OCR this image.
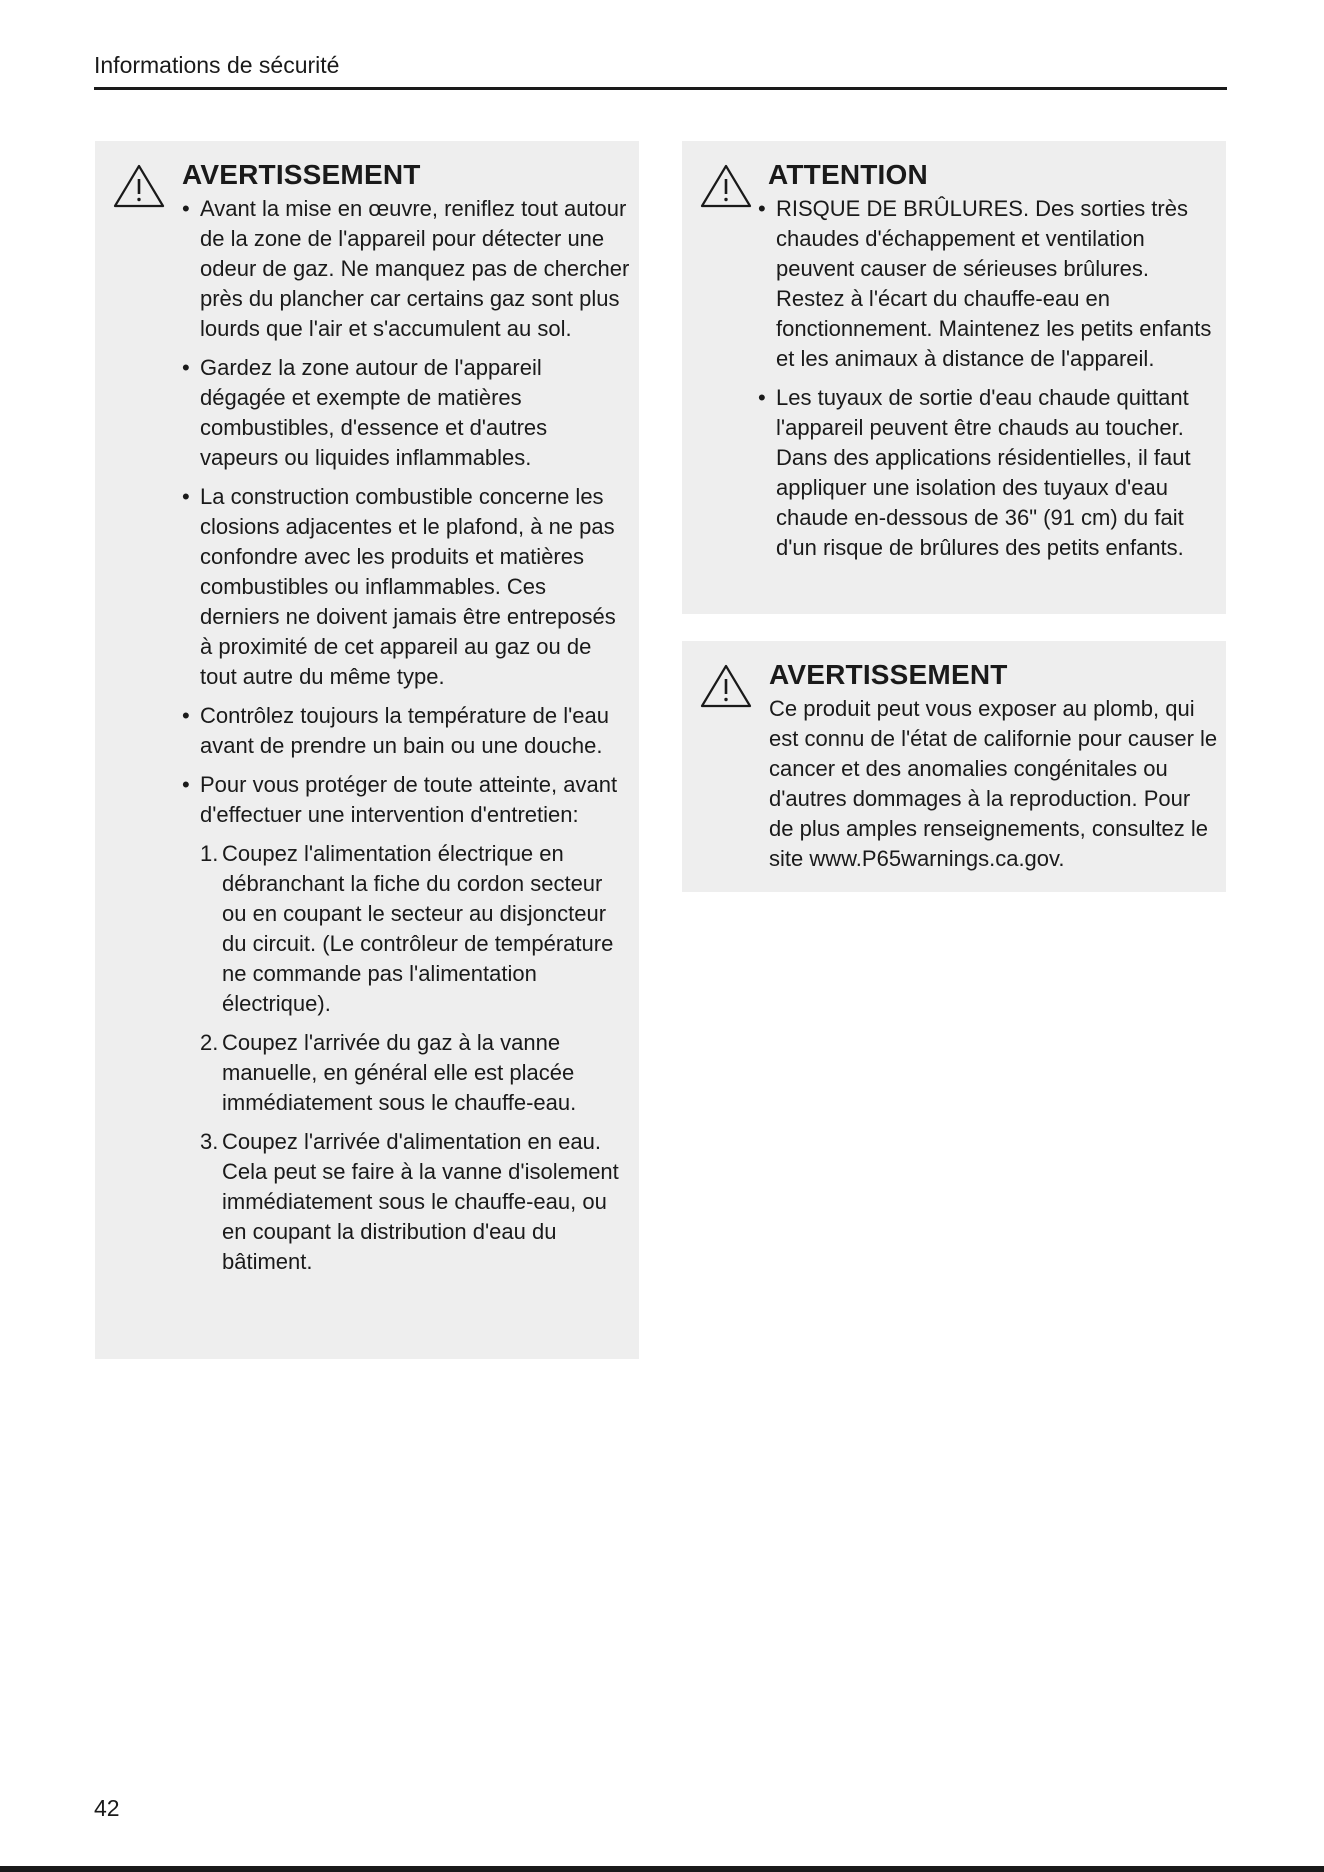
Informations de sécurité
AVERTISSEMENT
• Avant la mise en œuvre, reniflez tout autour de la zone de l'appareil pour détecter une odeur de gaz. Ne manquez pas de chercher près du plancher car certains gaz sont plus lourds que l'air et s'accumulent au sol.
• Gardez la zone autour de l'appareil dégagée et exempte de matières combustibles, d'essence et d'autres vapeurs ou liquides inflammables.
• La construction combustible concerne les closions adjacentes et le plafond, à ne pas confondre avec les produits et matières combustibles ou inflammables. Ces derniers ne doivent jamais être entreposés à proximité de cet appareil au gaz ou de tout autre du même type.
• Contrôlez toujours la température de l'eau avant de prendre un bain ou une douche.
• Pour vous protéger de toute atteinte, avant d'effectuer une intervention d'entretien:
1. Coupez l'alimentation électrique en débranchant la fiche du cordon secteur ou en coupant le secteur au disjoncteur du circuit. (Le contrôleur de température ne commande pas l'alimentation électrique).
2. Coupez l'arrivée du gaz à la vanne manuelle, en général elle est placée immédiatement sous le chauffe-eau.
3. Coupez l'arrivée d'alimentation en eau. Cela peut se faire à la vanne d'isolement immédiatement sous le chauffe-eau, ou en coupant la distribution d'eau du bâtiment.
ATTENTION
• RISQUE DE BRÛLURES. Des sorties très chaudes d'échappement et ventilation peuvent causer de sérieuses brûlures. Restez à l'écart du chauffe-eau en fonctionnement. Maintenez les petits enfants et les animaux à distance de l'appareil.
• Les tuyaux de sortie d'eau chaude quittant l'appareil peuvent être chauds au toucher. Dans des applications résidentielles, il faut appliquer une isolation des tuyaux d'eau chaude en-dessous de 36" (91 cm) du fait d'un risque de brûlures des petits enfants.
AVERTISSEMENT
Ce produit peut vous exposer au plomb, qui est connu de l'état de californie pour causer le cancer et des anomalies congénitales ou d'autres dommages à la reproduction. Pour de plus amples renseignements, consultez le site www.P65warnings.ca.gov.
42
